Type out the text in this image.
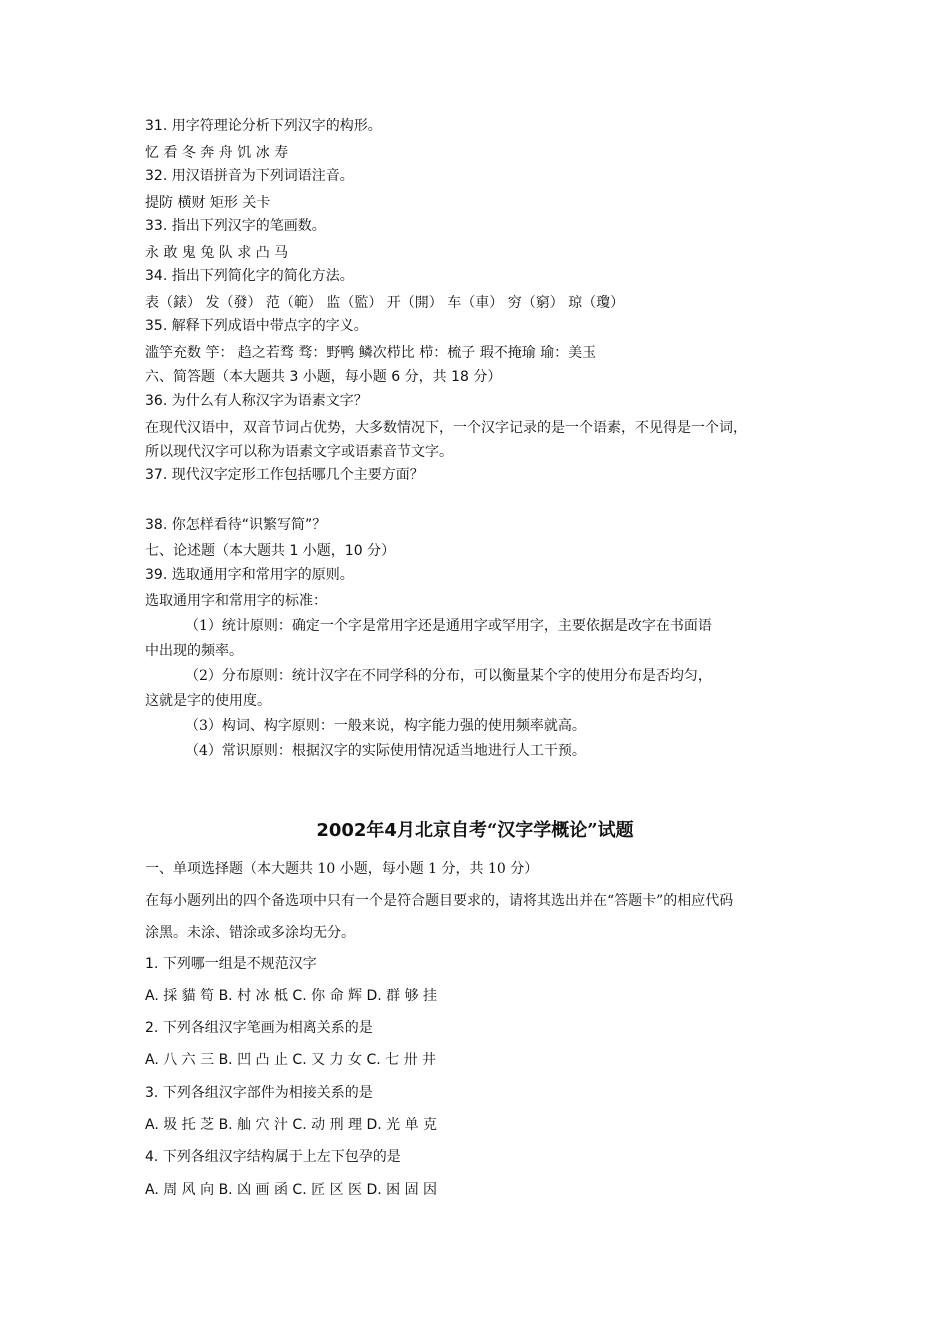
31. 用字符理论分析下列汉字的构形。
忆 看 冬 奔 舟 饥 冰 寿
32. 用汉语拼音为下列词语注音。
提防 横财 矩形 关卡
33. 指出下列汉字的笔画数。
永 敢 鬼 兔 队 求 凸 马
34. 指出下列简化字的简化方法。
表（錶） 发（發） 范（範） 监（監） 开（開） 车（車） 穷（窮） 琼（瓊）
35. 解释下列成语中带点字的字义。
滥竽充数 竽： 趋之若骛 骛：野鸭 鳞次栉比 栉：梳子 瑕不掩瑜 瑜：美玉
六、简答题（本大题共 3 小题，每小题 6 分，共 18 分）
36. 为什么有人称汉字为语素文字？
在现代汉语中，双音节词占优势，大多数情况下，一个汉字记录的是一个语素，不见得是一个词，
所以现代汉字可以称为语素文字或语素音节文字。
37. 现代汉字定形工作包括哪几个主要方面？
38. 你怎样看待“识繁写简”？
七、论述题（本大题共 1 小题，10 分）
39. 选取通用字和常用字的原则。
选取通用字和常用字的标准：
（1）统计原则：确定一个字是常用字还是通用字或罕用字，主要依据是改字在书面语
中出现的频率。
（2）分布原则：统计汉字在不同学科的分布，可以衡量某个字的使用分布是否均匀，
这就是字的使用度。
（3）构词、构字原则：一般来说，构字能力强的使用频率就高。
（4）常识原则：根据汉字的实际使用情况适当地进行人工干预。
2002年4月北京自考“汉字学概论”试题
一、单项选择题（本大题共 10 小题，每小题 1 分，共 10 分）
在每小题列出的四个备选项中只有一个是符合题目要求的，请将其选出并在“答题卡”的相应代码
涂黑。未涂、错涂或多涂均无分。
1. 下列哪一组是不规范汉字
A. 採 貓 笱 B. 村 冰 柢 C. 你 命 辉 D. 群 够 挂
2. 下列各组汉字笔画为相离关系的是
A. 八 六 三 B. 凹 凸 止 C. 又 力 女 C. 七 卅 井
3. 下列各组汉字部件为相接关系的是
A. 圾 托 芝 B. 舢 穴 汁 C. 动 刑 理 D. 光 单 克
4. 下列各组汉字结构属于上左下包孕的是
A. 周 风 向 B. 凶 画 函 C. 匠 区 医 D. 困 固 因
